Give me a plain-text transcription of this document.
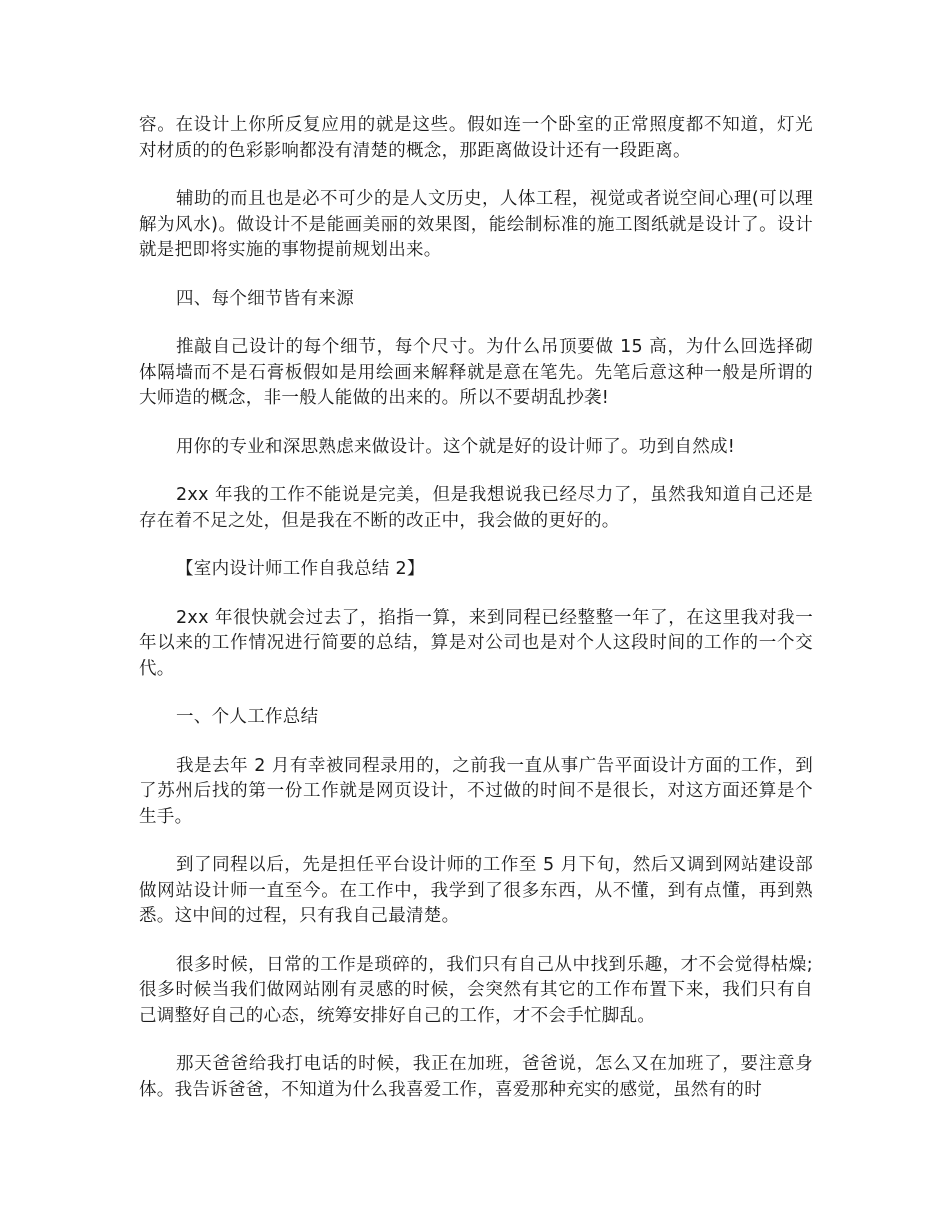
容。在设计上你所反复应用的就是这些。假如连一个卧室的正常照度都不知道，灯光对材质的的色彩影响都没有清楚的概念，那距离做设计还有一段距离。

辅助的而且也是必不可少的是人文历史，人体工程，视觉或者说空间心理(可以理解为风水)。做设计不是能画美丽的效果图，能绘制标准的施工图纸就是设计了。设计就是把即将实施的事物提前规划出来。

四、每个细节皆有来源

推敲自己设计的每个细节，每个尺寸。为什么吊顶要做 15 高，为什么回选择砌体隔墙而不是石膏板假如是用绘画来解释就是意在笔先。先笔后意这种一般是所谓的大师造的概念，非一般人能做的出来的。所以不要胡乱抄袭!

用你的专业和深思熟虑来做设计。这个就是好的设计师了。功到自然成!

2xx 年我的工作不能说是完美，但是我想说我已经尽力了，虽然我知道自己还是存在着不足之处，但是我在不断的改正中，我会做的更好的。

【室内设计师工作自我总结 2】

2xx 年很快就会过去了，掐指一算，来到同程已经整整一年了，在这里我对我一年以来的工作情况进行简要的总结，算是对公司也是对个人这段时间的工作的一个交代。

一、个人工作总结

我是去年 2 月有幸被同程录用的，之前我一直从事广告平面设计方面的工作，到了苏州后找的第一份工作就是网页设计，不过做的时间不是很长，对这方面还算是个生手。

到了同程以后，先是担任平台设计师的工作至 5 月下旬，然后又调到网站建设部做网站设计师一直至今。在工作中，我学到了很多东西，从不懂，到有点懂，再到熟悉。这中间的过程，只有我自己最清楚。

很多时候，日常的工作是琐碎的，我们只有自己从中找到乐趣，才不会觉得枯燥;很多时候当我们做网站刚有灵感的时候，会突然有其它的工作布置下来，我们只有自己调整好自己的心态，统筹安排好自己的工作，才不会手忙脚乱。

那天爸爸给我打电话的时候，我正在加班，爸爸说，怎么又在加班了，要注意身体。我告诉爸爸，不知道为什么我喜爱工作，喜爱那种充实的感觉，虽然有的时
